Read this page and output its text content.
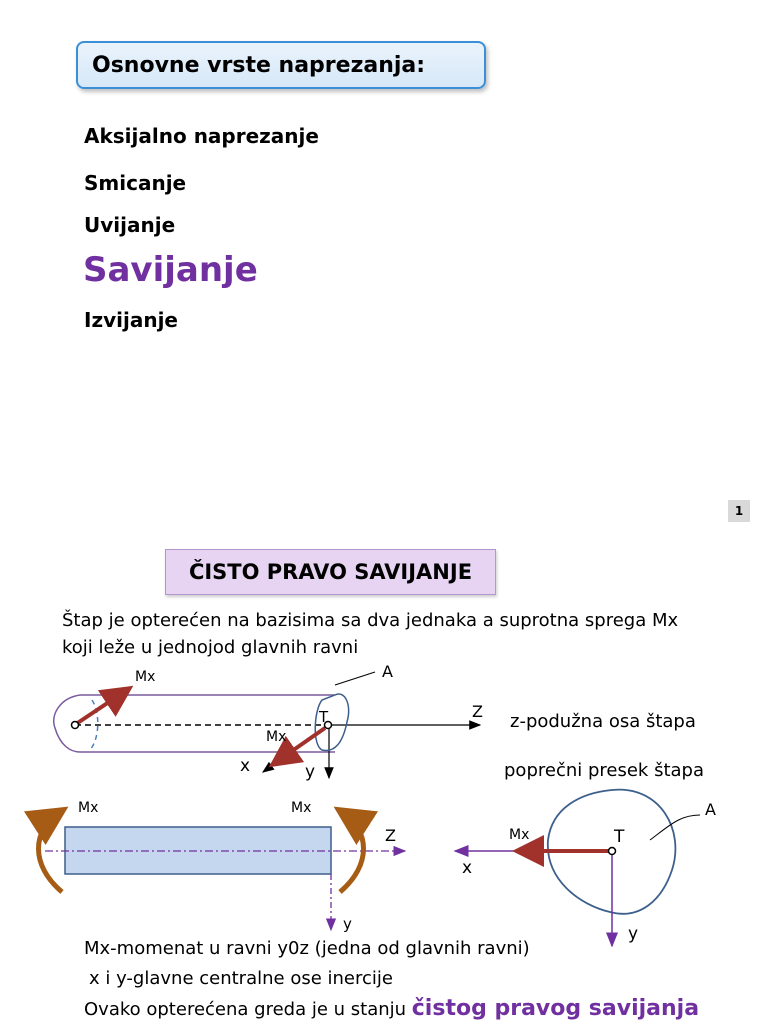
Osnovne vrste naprezanja:
Aksijalno naprezanje
Smicanje
Uvijanje
Savijanje
Izvijanje
1
ČISTO PRAVO SAVIJANJE
Štap je opterećen na bazisima sa dva jednaka a suprotna sprega Mx
koji leže u jednojod glavnih ravni
z-podužna osa štapa
poprečni presek štapa
Mx	A
Z
T
Mx
x	y
Mx	Mx
Z
y
A
T
Mx
x
y
Mx-momenat u ravni y0z (jedna od glavnih ravni)
x i y-glavne centralne ose inercije
Ovako opterećena greda je u stanju čistog pravog savijanja
